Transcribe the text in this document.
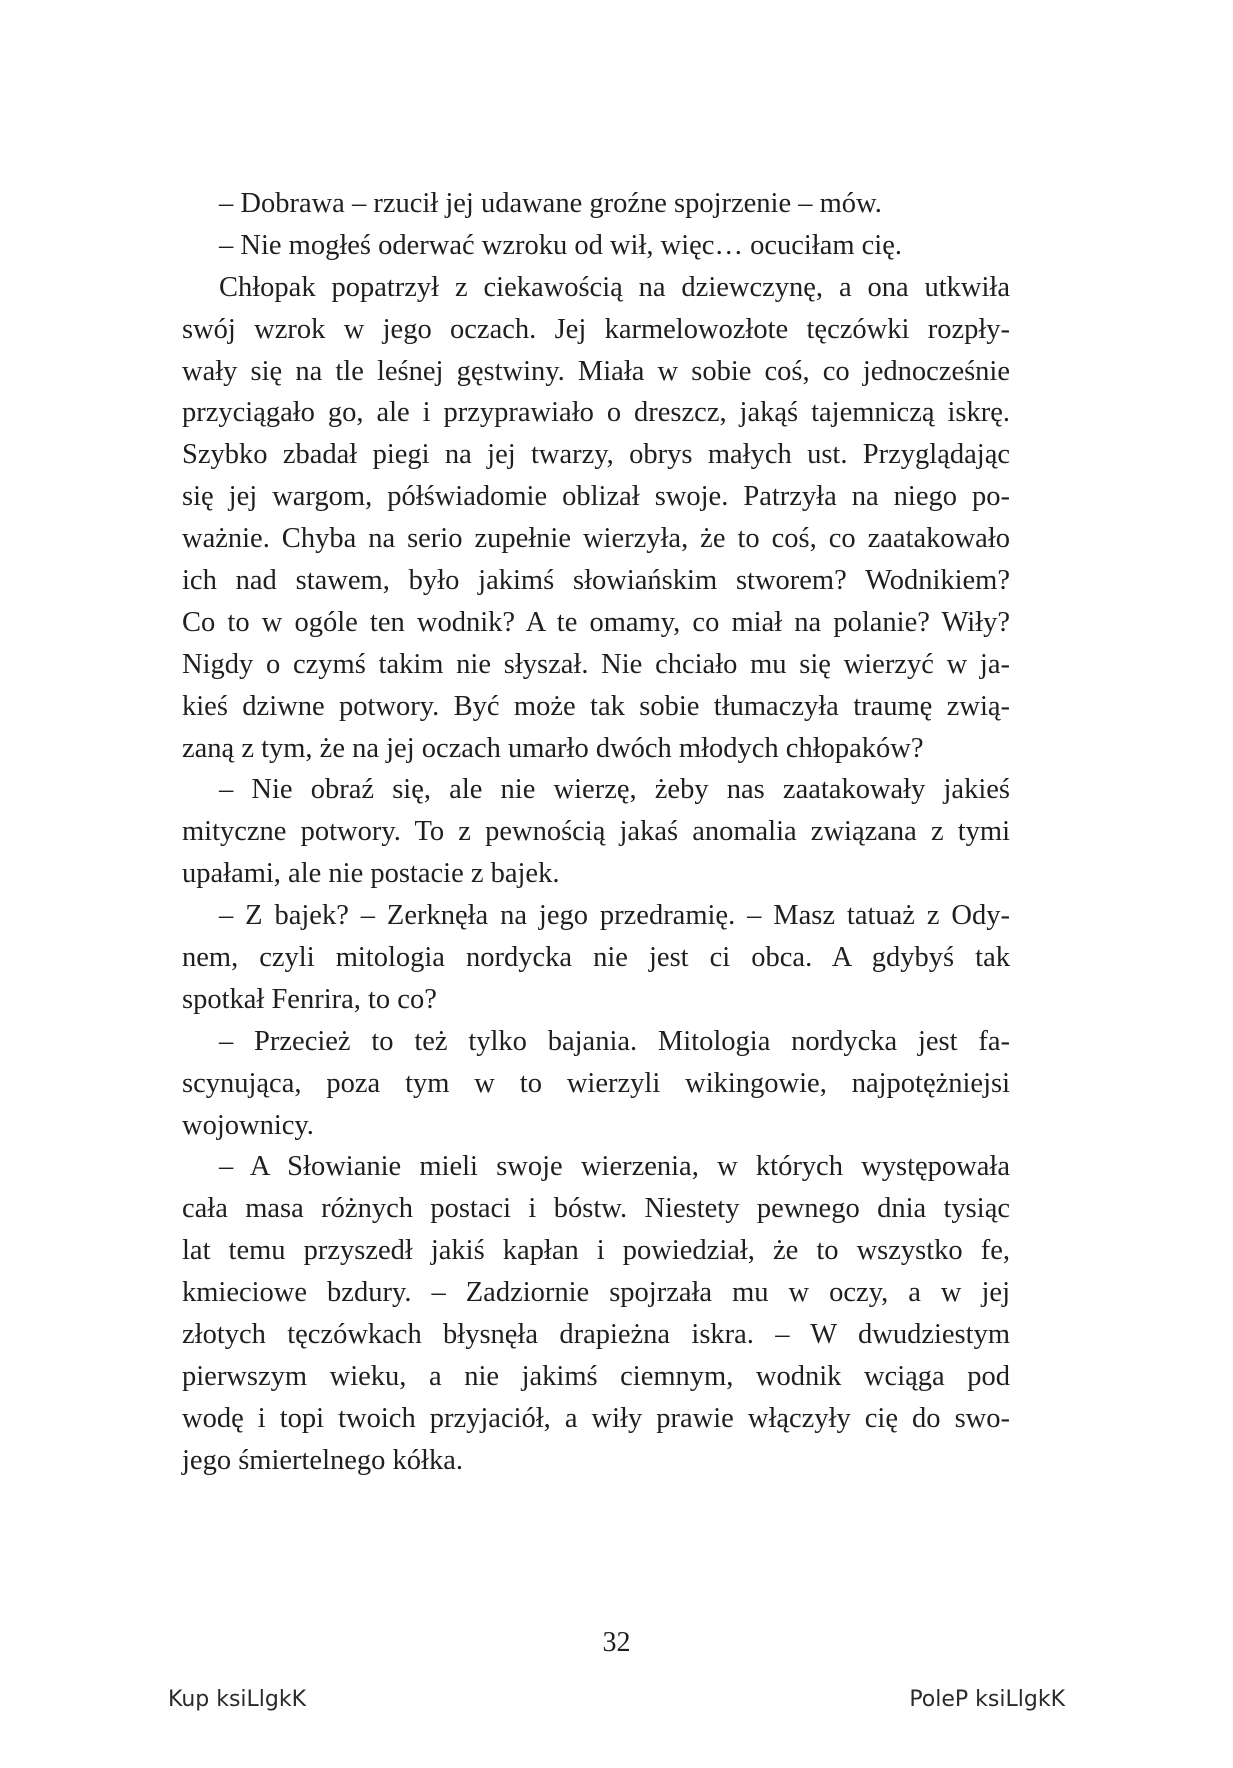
– Dobrawa – rzucił jej udawane groźne spojrzenie – mów.
– Nie mogłeś oderwać wzroku od wił, więc… ocuciłam cię.
Chłopak popatrzył z ciekawością na dziewczynę, a ona utkwiła
swój wzrok w jego oczach. Jej karmelowozłote tęczówki rozpły-
wały się na tle leśnej gęstwiny. Miała w sobie coś, co jednocześnie
przyciągało go, ale i przyprawiało o dreszcz, jakąś tajemniczą iskrę.
Szybko zbadał piegi na jej twarzy, obrys małych ust. Przyglądając
się jej wargom, półświadomie oblizał swoje. Patrzyła na niego po-
ważnie. Chyba na serio zupełnie wierzyła, że to coś, co zaatakowało
ich nad stawem, było jakimś słowiańskim stworem? Wodnikiem?
Co to w ogóle ten wodnik? A te omamy, co miał na polanie? Wiły?
Nigdy o czymś takim nie słyszał. Nie chciało mu się wierzyć w ja-
kieś dziwne potwory. Być może tak sobie tłumaczyła traumę zwią-
zaną z tym, że na jej oczach umarło dwóch młodych chłopaków?
– Nie obraź się, ale nie wierzę, żeby nas zaatakowały jakieś
mityczne potwory. To z pewnością jakaś anomalia związana z tymi
upałami, ale nie postacie z bajek.
– Z bajek? – Zerknęła na jego przedramię. – Masz tatuaż z Ody-
nem, czyli mitologia nordycka nie jest ci obca. A gdybyś tak
spotkał Fenrira, to co?
– Przecież to też tylko bajania. Mitologia nordycka jest fa-
scynująca, poza tym w to wierzyli wikingowie, najpotężniejsi
wojownicy.
– A Słowianie mieli swoje wierzenia, w których występowała
cała masa różnych postaci i bóstw. Niestety pewnego dnia tysiąc
lat temu przyszedł jakiś kapłan i powiedział, że to wszystko fe,
kmieciowe bzdury. – Zadziornie spojrzała mu w oczy, a w jej
złotych tęczówkach błysnęła drapieżna iskra. – W dwudziestym
pierwszym wieku, a nie jakimś ciemnym, wodnik wciąga pod
wodę i topi twoich przyjaciół, a wiły prawie włączyły cię do swo-
jego śmiertelnego kółka.
32
Kup ksiLlgkK	PoleP ksiLlgkK
